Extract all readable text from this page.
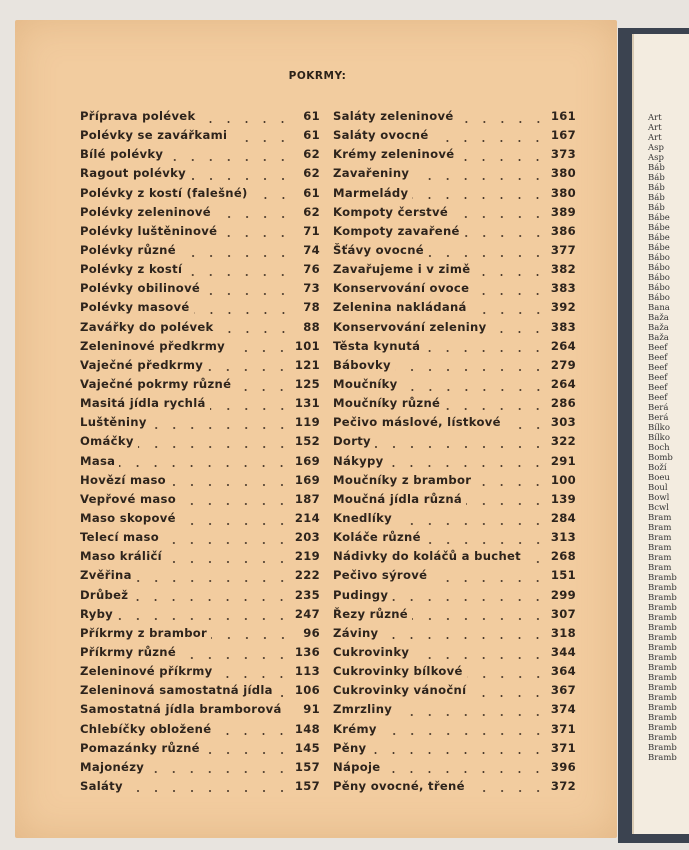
Art
Art
Art
Asp
Asp
Báb
Báb
Báb
Báb
Báb
Bábe
Bábe
Bábe
Bábe
Bábo
Bábo
Bábo
Bábo
Bábo
Bana
Baža
Baža
Baža
Beef
Beef
Beef
Beef
Beef
Beef
Berá
Berá
Bílko
Bílko
Boch
Bomb
Boží
Boeu
Boul
Bowl
Bcwl
Bram
Bram
Bram
Bram
Bram
Bram
Bramb
Bramb
Bramb
Bramb
Bramb
Bramb
Bramb
Bramb
Bramb
Bramb
Bramb
Bramb
Bramb
Bramb
Bramb
Bramb
Bramb
Bramb
Bramb
POKRMY:
Příprava polévek	61
Polévky se zavářkami	61
Bílé polévky	62
Ragout polévky	62
Polévky z kostí (falešné)	61
Polévky zeleninové	62
Polévky luštěninové	71
Polévky různé	74
Polévky z kostí	76
Polévky obilinové	73
Polévky masové	78
Zavářky do polévek	88
Zeleninové předkrmy	101
Vaječné předkrmy	121
Vaječné pokrmy různé	125
Masitá jídla rychlá	131
Luštěniny	119
Omáčky	152
Masa	169
Hovězí maso	169
Vepřové maso	187
Maso skopové	214
Telecí maso	203
Maso králičí	219
Zvěřina	222
Drůbež	235
Ryby	247
Příkrmy z brambor	96
Příkrmy různé	136
Zeleninové příkrmy	113
Zeleninová samostatná jídla 106
Samostatná jídla bramborová	91
Chlebíčky obložené	148
Pomazánky různé	145
Majonézy	157
Saláty	157
Saláty zeleninové	161
Saláty ovocné	167
Krémy zeleninové	373
Zavařeniny	380
Marmelády	380
Kompoty čerstvé	389
Kompoty zavařené	386
Šťávy ovocné	377
Zavařujeme i v zimě	382
Konservování ovoce	383
Zelenina nakládaná	392
Konservování zeleniny	383
Těsta kynutá	264
Bábovky	279
Moučníky	264
Moučníky různé	286
Pečivo máslové, lístkové	303
Dorty	322
Nákypy	291
Moučníky z brambor	100
Moučná jídla různá	139
Knedlíky	284
Koláče různé	313
Nádivky do koláčů a buchet	268
Pečivo sýrové	151
Pudingy	299
Řezy různé	307
Záviny	318
Cukrovinky	344
Cukrovinky bílkové	364
Cukrovinky vánoční	367
Zmrzliny	374
Krémy	371
Pěny	371
Nápoje	396
Pěny ovocné, třené	372
